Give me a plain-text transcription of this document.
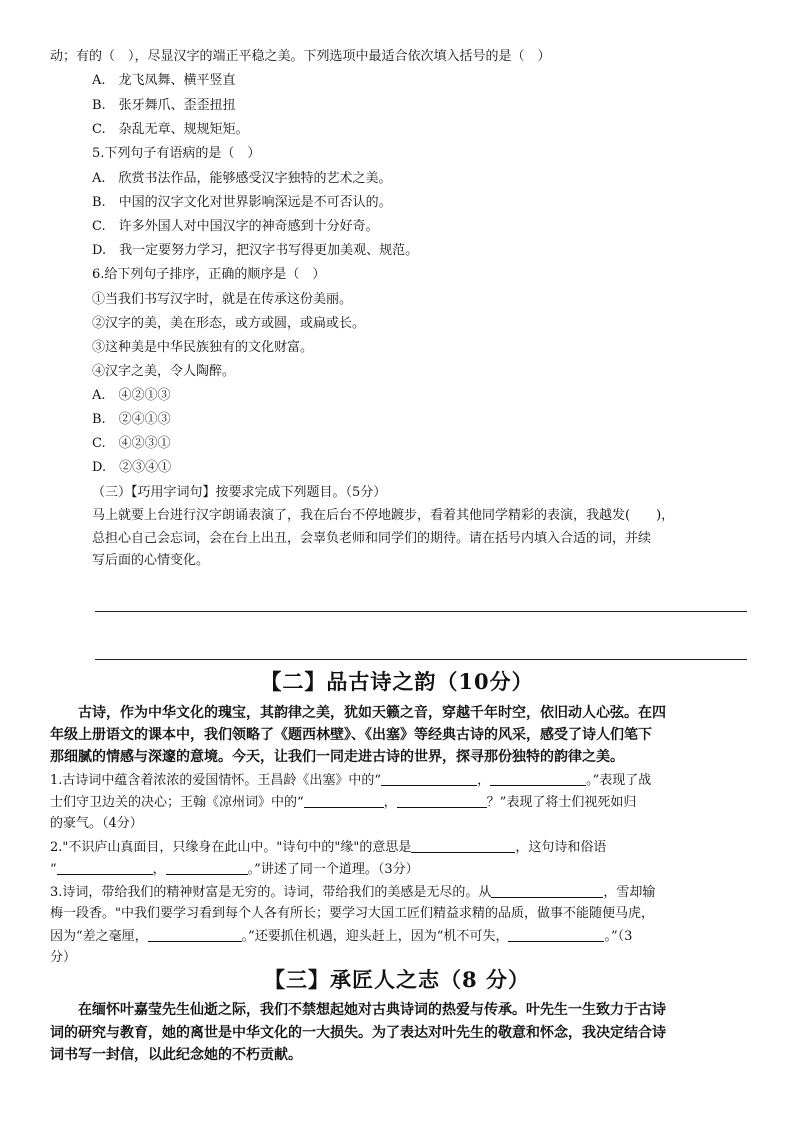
动；有的（　），尽显汉字的端正平稳之美。下列选项中最适合依次填入括号的是（　）
A.　龙飞凤舞、横平竖直
B.　张牙舞爪、歪歪扭扭
C.　杂乱无章、规规矩矩。
5.下列句子有语病的是（　）
A.　欣赏书法作品，能够感受汉字独特的艺术之美。
B.　中国的汉字文化对世界影响深远是不可否认的。
C.　许多外国人对中国汉字的神奇感到十分好奇。
D.　我一定要努力学习，把汉字书写得更加美观、规范。
6.给下列句子排序，正确的顺序是（　）
①当我们书写汉字时，就是在传承这份美丽。
②汉字的美，美在形态，或方或圆，或扁或长。
③这种美是中华民族独有的文化财富。
④汉字之美，令人陶醉。
A.　④②①③
B.　②④①③
C.　④②③①
D.　②③④①
（三）【巧用字词句】按要求完成下列题目。（5分）
马上就要上台进行汉字朗诵表演了，我在后台不停地踱步，看着其他同学精彩的表演，我越发(　　)，
总担心自己会忘词，会在台上出丑，会辜负老师和同学们的期待。请在括号内填入合适的词，并续
写后面的心情变化。
【二】品古诗之韵（10分）
古诗，作为中华文化的瑰宝，其韵律之美，犹如天籁之音，穿越千年时空，依旧动人心弦。在四
年级上册语文的课本中，我们领略了《题西林壁》、《出塞》等经典古诗的风采，感受了诗人们笔下
那细腻的情感与深邃的意境。今天，让我们一同走进古诗的世界，探寻那份独特的韵律之美。
1.古诗词中蕴含着浓浓的爱国情怀。王昌龄《出塞》中的“	，	。”表现了战
士们守卫边关的决心；王翰《凉州词》中的“	，	？”表现了将士们视死如归
的豪气。（4分）
2."不识庐山真面目，只缘身在此山中。"诗句中的"缘"的意思是	，这句诗和俗语
“	，	。”讲述了同一个道理。（3分）
3.诗词，带给我们的精神财富是无穷的。诗词，带给我们的美感是无尽的。从	，雪却输
梅一段香。"中我们要学习看到每个人各有所长；要学习大国工匠们精益求精的品质，做事不能随便马虎，
因为“差之毫厘，	。”还要抓住机遇，迎头赶上，因为“机不可失，	。”（3
分）
【三】承匠人之志（8 分）
在缅怀叶嘉莹先生仙逝之际，我们不禁想起她对古典诗词的热爱与传承。叶先生一生致力于古诗
词的研究与教育，她的离世是中华文化的一大损失。为了表达对叶先生的敬意和怀念，我决定结合诗
词书写一封信，以此纪念她的不朽贡献。
